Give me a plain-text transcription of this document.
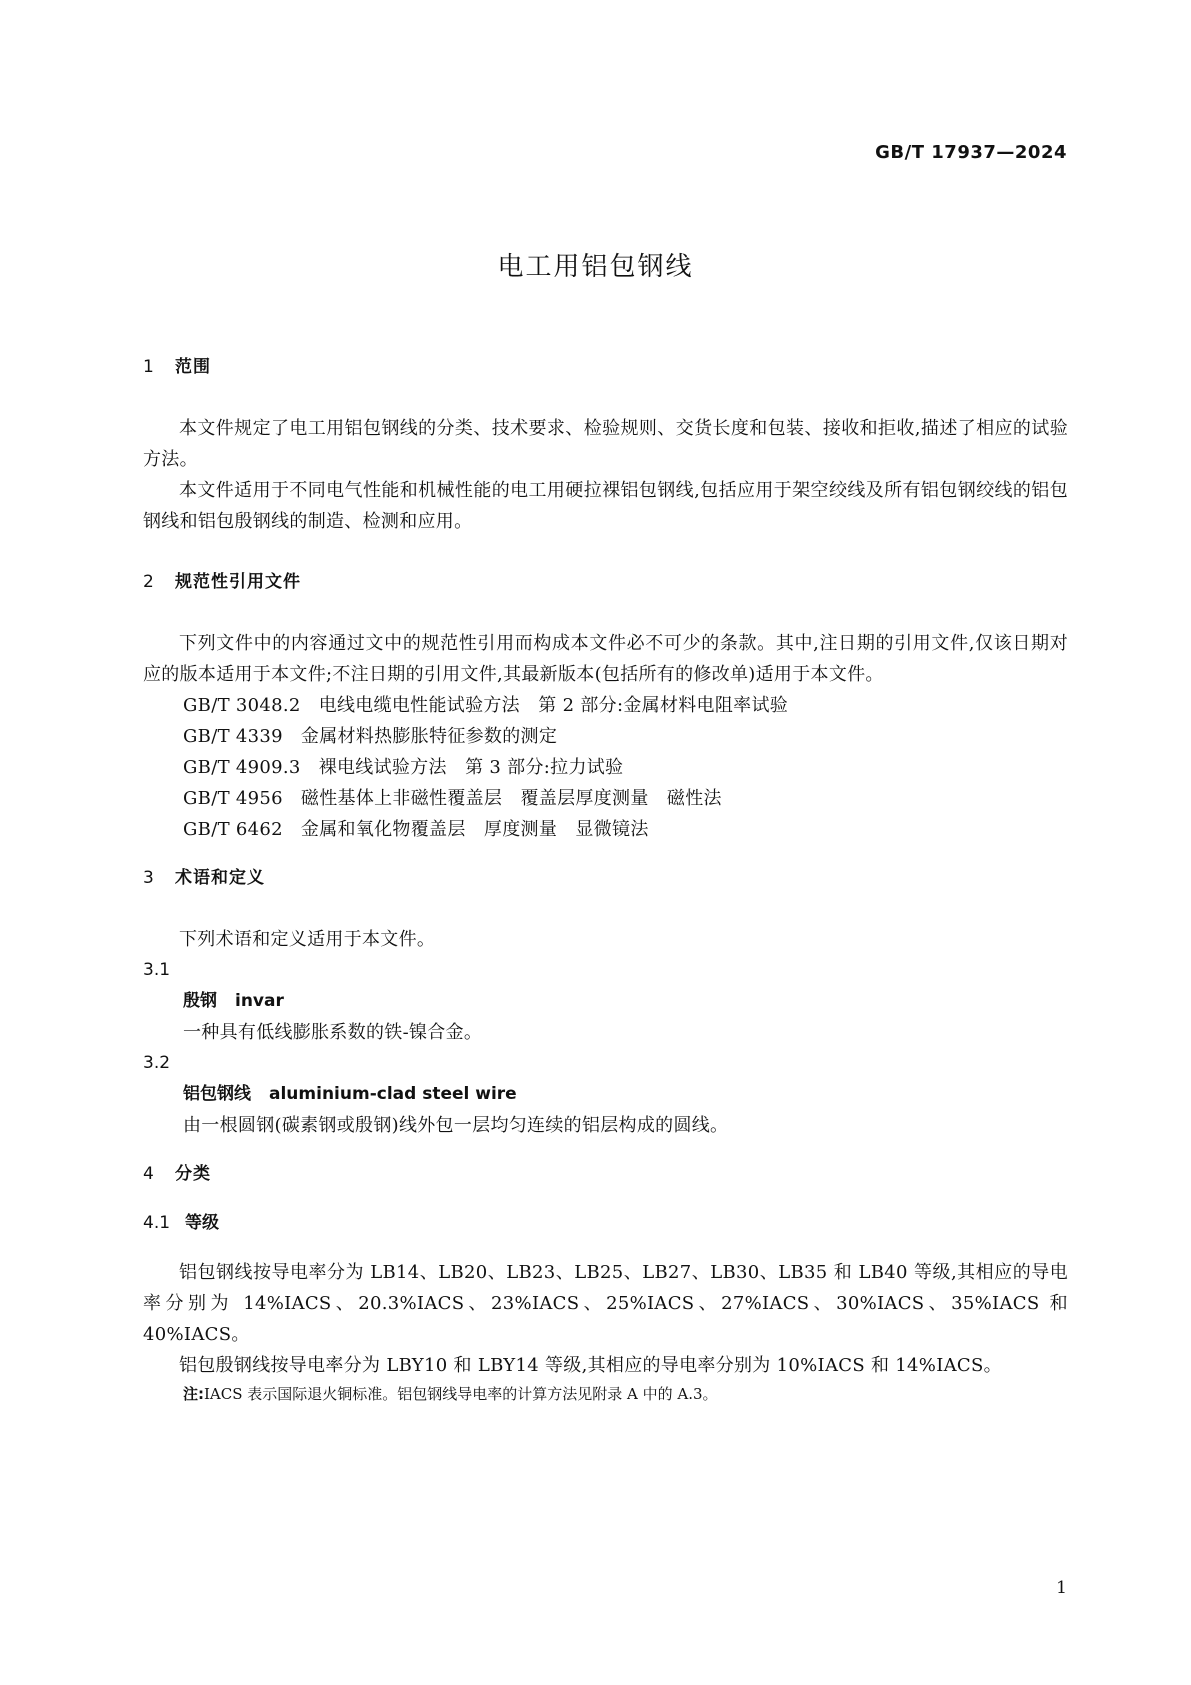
GB/T 17937—2024
电工用铝包钢线
1 范围

本文件规定了电工用铝包钢线的分类、技术要求、检验规则、交货长度和包装、接收和拒收,描述了相应的试验方法。

本文件适用于不同电气性能和机械性能的电工用硬拉裸铝包钢线,包括应用于架空绞线及所有铝包钢绞线的铝包钢线和铝包殷钢线的制造、检测和应用。

2 规范性引用文件

下列文件中的内容通过文中的规范性引用而构成本文件必不可少的条款。其中,注日期的引用文件,仅该日期对应的版本适用于本文件;不注日期的引用文件,其最新版本(包括所有的修改单)适用于本文件。

GB/T 3048.2 电线电缆电性能试验方法　第 2 部分:金属材料电阻率试验
GB/T 4339 金属材料热膨胀特征参数的测定
GB/T 4909.3 裸电线试验方法　第 3 部分:拉力试验
GB/T 4956 磁性基体上非磁性覆盖层　覆盖层厚度测量　磁性法
GB/T 6462 金属和氧化物覆盖层　厚度测量　显微镜法
3 术语和定义

下列术语和定义适用于本文件。

3.1
殷钢 invar
一种具有低线膨胀系数的铁-镍合金。
3.2
铝包钢线 aluminium-clad steel wire
由一根圆钢(碳素钢或殷钢)线外包一层均匀连续的铝层构成的圆线。
4 分类
4.1 等级

铝包钢线按导电率分为 LB14、LB20、LB23、LB25、LB27、LB30、LB35 和 LB40 等级,其相应的导电率分别为 14%IACS、20.3%IACS、23%IACS、25%IACS、27%IACS、30%IACS、35%IACS 和 40%IACS。

铝包殷钢线按导电率分为 LBY10 和 LBY14 等级,其相应的导电率分别为 10%IACS 和 14%IACS。

注:IACS 表示国际退火铜标准。铝包钢线导电率的计算方法见附录 A 中的 A.3。
1
